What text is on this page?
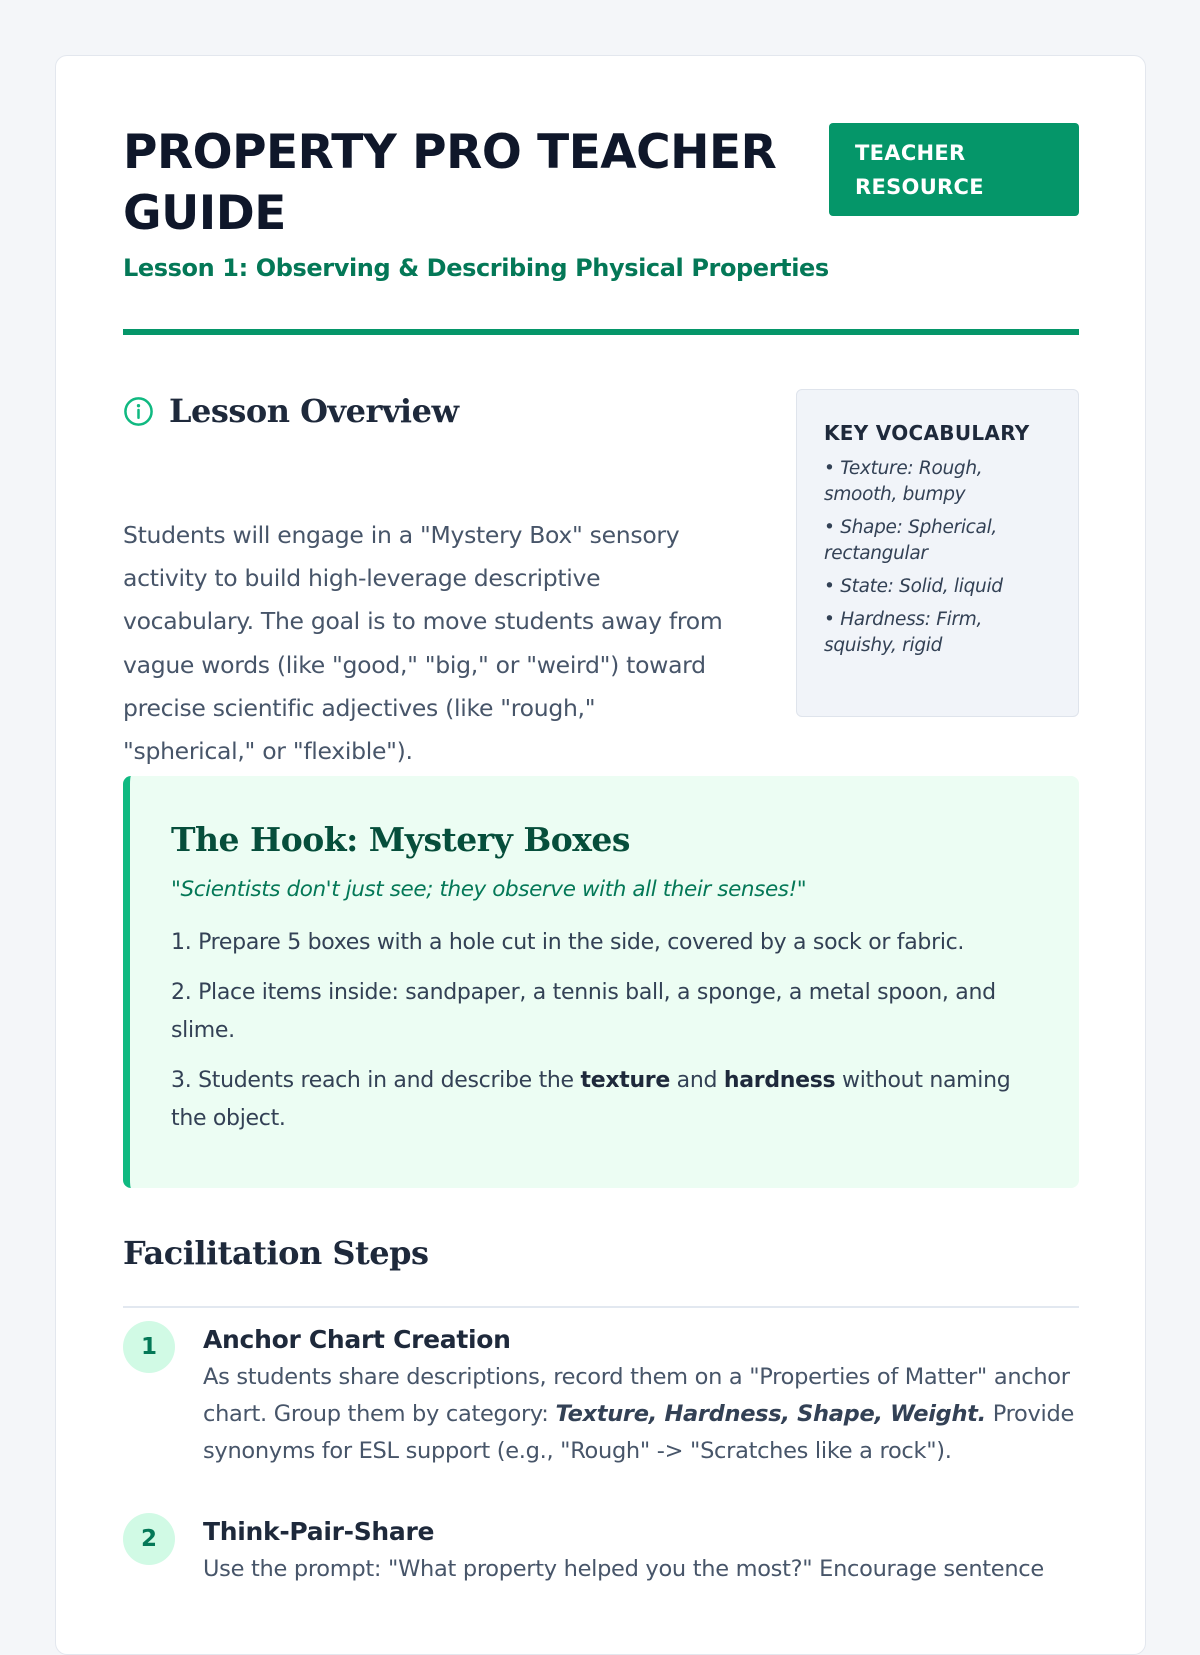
PROPERTY PRO TEACHER GUIDE
TEACHER RESOURCE
Lesson 1: Observing & Describing Physical Properties
Lesson Overview

Students will engage in a "Mystery Box" sensory activity to build high-leverage descriptive vocabulary. The goal is to move students away from vague words (like "good," "big," or "weird") toward precise scientific adjectives (like "rough," "spherical," or "flexible").

KEY VOCABULARY
• Texture: Rough, smooth, bumpy
• Shape: Spherical, rectangular
• State: Solid, liquid
• Hardness: Firm, squishy, rigid
The Hook: Mystery Boxes

"Scientists don't just see; they observe with all their senses!"

1. Prepare 5 boxes with a hole cut in the side, covered by a sock or fabric.

2. Place items inside: sandpaper, a tennis ball, a sponge, a metal spoon, and slime.

3. Students reach in and describe the texture and hardness without naming the object.

Facilitation Steps
1	Anchor Chart Creation

As students share descriptions, record them on a "Properties of Matter" anchor chart. Group them by category: Texture, Hardness, Shape, Weight. Provide synonyms for ESL support (e.g., "Rough" -> "Scratches like a rock").

2	Think-Pair-Share

Use the prompt: "What property helped you the most?" Encourage sentence
